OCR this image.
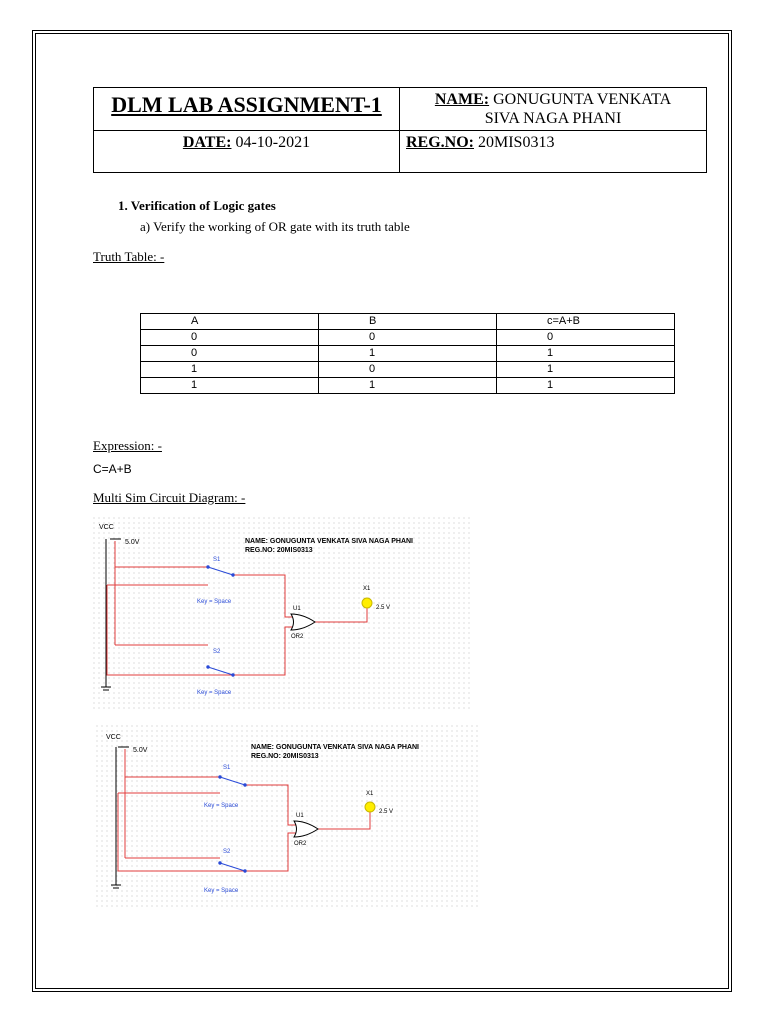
DLM LAB ASSIGNMENT-1	NAME: GONUGUNTA VENKATA
SIVA NAGA PHANI
DATE: 04-10-2021	REG.NO: 20MIS0313
1. Verification of Logic gates
a) Verify the working of OR gate with its truth table
Truth Table: -
A	B	c=A+B
0	0	0
0	1	1
1	0	1
1	1	1
Expression: -
C=A+B
Multi Sim Circuit Diagram: -
VCC
5.0V
S1
Key = Space
S2
Key = Space
U1
OR2
X1
2.5 V
NAME: GONUGUNTA VENKATA SIVA NAGA PHANI
REG.NO: 20MIS0313
VCC
5.0V
S1
Key = Space
S2
Key = Space
U1
OR2
X1
2.5 V
NAME: GONUGUNTA VENKATA SIVA NAGA PHANI
REG.NO: 20MIS0313
